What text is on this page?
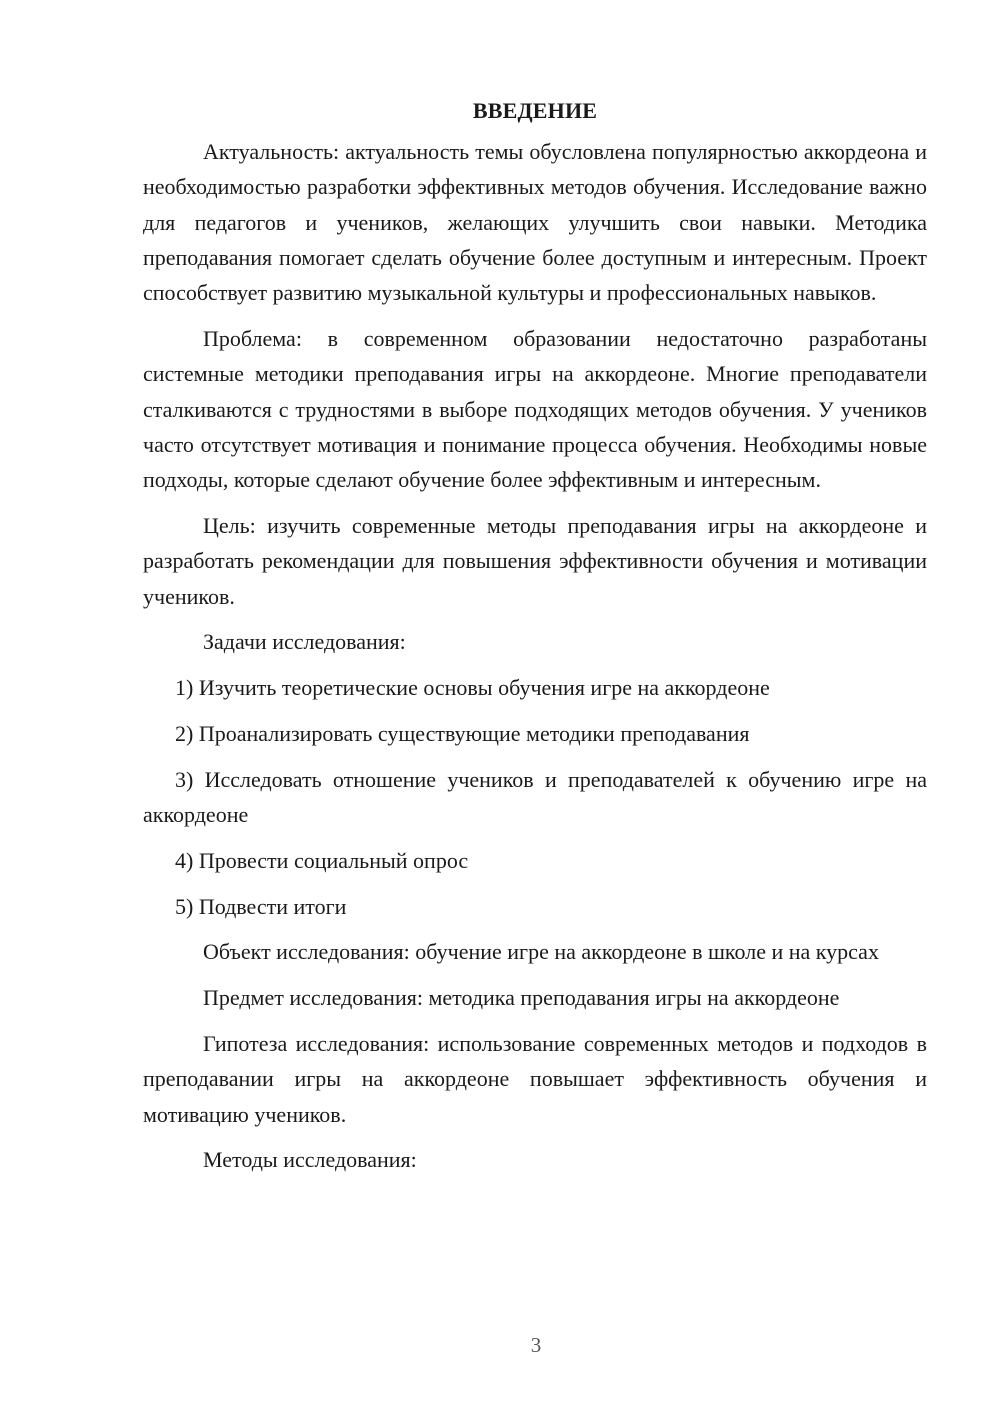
ВВЕДЕНИЕ

Актуальность: актуальность темы обусловлена популярностью аккордеона и необходимостью разработки эффективных методов обучения. Исследование важно для педагогов и учеников, желающих улучшить свои навыки. Методика преподавания помогает сделать обучение более доступным и интересным. Проект способствует развитию музыкальной культуры и профессиональных навыков.

Проблема: в современном образовании недостаточно разработаны системные методики преподавания игры на аккордеоне. Многие преподаватели сталкиваются с трудностями в выборе подходящих методов обучения. У учеников часто отсутствует мотивация и понимание процесса обучения. Необходимы новые подходы, которые сделают обучение более эффективным и интересным.

Цель: изучить современные методы преподавания игры на аккордеоне и разработать рекомендации для повышения эффективности обучения и мотивации учеников.

Задачи исследования:

1) Изучить теоретические основы обучения игре на аккордеоне

2) Проанализировать существующие методики преподавания

3) Исследовать отношение учеников и преподавателей к обучению игре на аккордеоне

4) Провести социальный опрос

5) Подвести итоги

Объект исследования: обучение игре на аккордеоне в школе и на курсах

Предмет исследования: методика преподавания игры на аккордеоне

Гипотеза исследования: использование современных методов и подходов в преподавании игры на аккордеоне повышает эффективность обучения и мотивацию учеников.

Методы исследования:

3
